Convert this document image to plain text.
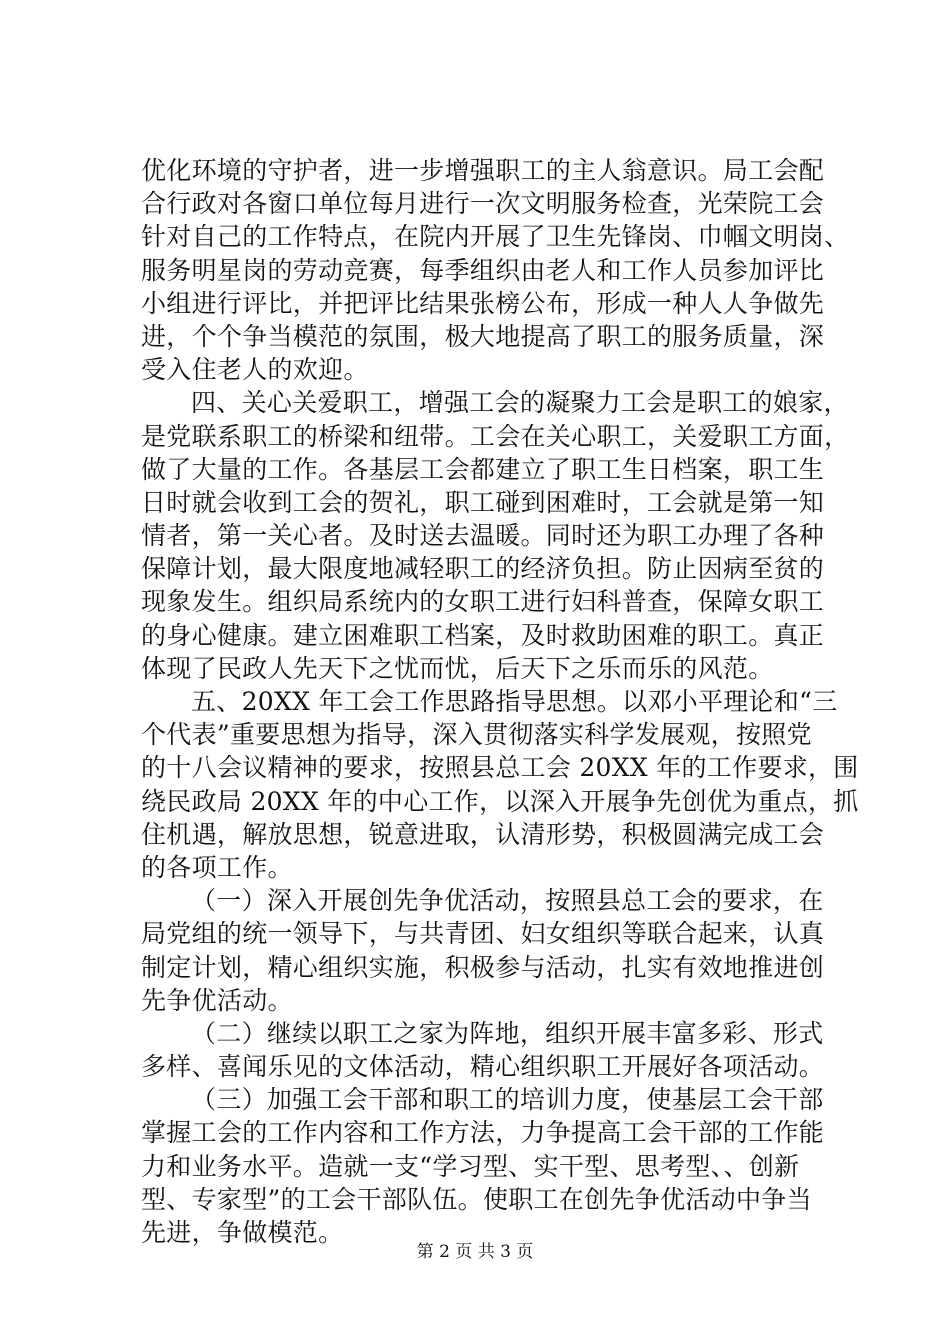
优化环境的守护者，进一步增强职工的主人翁意识。局工会配
合行政对各窗口单位每月进行一次文明服务检查，光荣院工会
针对自己的工作特点，在院内开展了卫生先锋岗、巾帼文明岗、
服务明星岗的劳动竞赛，每季组织由老人和工作人员参加评比
小组进行评比，并把评比结果张榜公布，形成一种人人争做先
进，个个争当模范的氛围，极大地提高了职工的服务质量，深
受入住老人的欢迎。
四、关心关爱职工，增强工会的凝聚力工会是职工的娘家，
是党联系职工的桥梁和纽带。工会在关心职工，关爱职工方面，
做了大量的工作。各基层工会都建立了职工生日档案，职工生
日时就会收到工会的贺礼，职工碰到困难时，工会就是第一知
情者，第一关心者。及时送去温暖。同时还为职工办理了各种
保障计划，最大限度地减轻职工的经济负担。防止因病至贫的
现象发生。组织局系统内的女职工进行妇科普查，保障女职工
的身心健康。建立困难职工档案，及时救助困难的职工。真正
体现了民政人先天下之忧而忧，后天下之乐而乐的风范。
五、20XX 年工会工作思路指导思想。以邓小平理论和“三
个代表”重要思想为指导，深入贯彻落实科学发展观，按照党
的十八会议精神的要求，按照县总工会 20XX 年的工作要求，围
绕民政局 20XX 年的中心工作，以深入开展争先创优为重点，抓
住机遇，解放思想，锐意进取，认清形势，积极圆满完成工会
的各项工作。
（一）深入开展创先争优活动，按照县总工会的要求，在
局党组的统一领导下，与共青团、妇女组织等联合起来，认真
制定计划，精心组织实施，积极参与活动，扎实有效地推进创
先争优活动。
（二）继续以职工之家为阵地，组织开展丰富多彩、形式
多样、喜闻乐见的文体活动，精心组织职工开展好各项活动。
（三）加强工会干部和职工的培训力度，使基层工会干部
掌握工会的工作内容和工作方法，力争提高工会干部的工作能
力和业务水平。造就一支“学习型、实干型、思考型、、创新
型、专家型”的工会干部队伍。使职工在创先争优活动中争当
先进，争做模范。
第 2 页 共 3 页
